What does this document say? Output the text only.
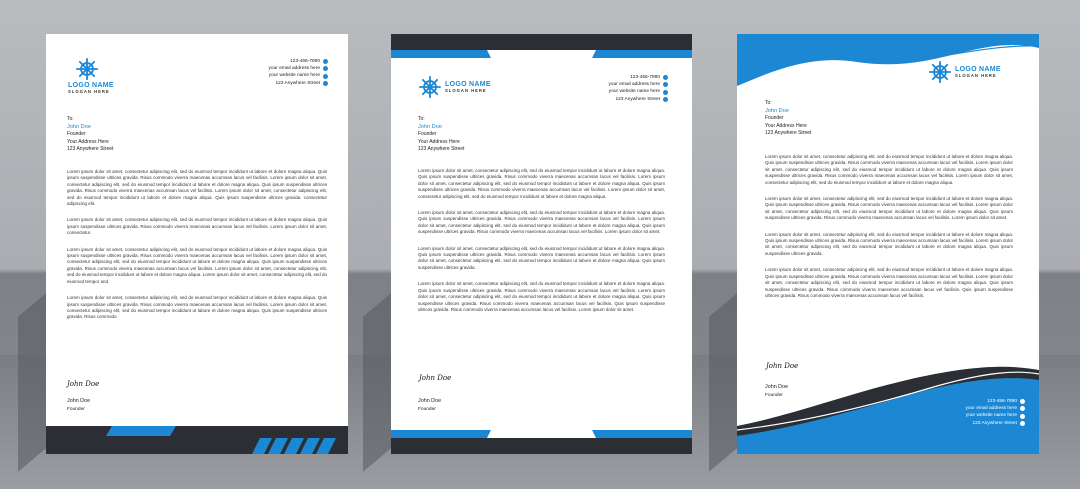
LOGO NAME
SLOGAN HERE
123-456-7890
your email address here
your website name here
123 Anywhere Street
To:
John Doe
Founder
Your Address Here
123 Anywhere Street

Lorem ipsum dolor sit amet, consectetur adipiscing elit, sed do eiusmod tempor incididunt ut labore et dolore magna aliqua. Quis ipsum suspendisse ultrices gravida. Risus commodo viverra maecenas accumsan lacus vel facilisis. Lorem ipsum dolor sit amet, consectetur adipiscing elit, sed do eiusmod tempor incididunt ut labore et dolore magna aliqua. Quis ipsum suspendisse ultrices gravida. Risus commodo viverra maecenas accumsan lacus vel facilisis. Lorem ipsum dolor sit amet, consectetur adipiscing elit, sed do eiusmod tempor incididunt ut labore et dolore magna aliqua. Quis ipsum suspendisse ultrices gravida. consectetur adipiscing elit.

Lorem ipsum dolor sit amet, consectetur adipiscing elit, sed do eiusmod tempor incididunt ut labore et dolore magna aliqua. Quis ipsum suspendisse ultrices gravida. Risus commodo viverra maecenas accumsan lacus vel facilisis. Lorem ipsum dolor sit amet, consectetur.

Lorem ipsum dolor sit amet, consectetur adipiscing elit, sed do eiusmod tempor incididunt ut labore et dolore magna aliqua. Quis ipsum suspendisse ultrices gravida. Risus commodo viverra maecenas accumsan lacus vel facilisis. Lorem ipsum dolor sit amet, consectetur adipiscing elit, sed do eiusmod tempor incididunt ut labore et dolore magna aliqua. Quis ipsum suspendisse ultrices gravida. Risus commodo viverra maecenas accumsan lacus vel facilisis. Lorem ipsum dolor sit amet, consectetur adipiscing elit, sed do eiusmod tempor incididunt ut labore et dolore magna aliqua. Lorem ipsum dolor sit amet, consectetur adipiscing elit, sed do eiusmod tempor and.

Lorem ipsum dolor sit amet, consectetur adipiscing elit, sed do eiusmod tempor incididunt ut labore et dolore magna aliqua. Quis ipsum suspendisse ultrices gravida. Risus commodo viverra maecenas accumsan lacus vel facilisis. Lorem ipsum dolor sit amet, consectetur adipiscing elit, sed do eiusmod tempor incididunt ut labore et dolore magna aliqua. Quis ipsum suspendisse ultrices gravida. Risus commodo.

John Doe
John Doe
Founder
LOGO NAME
SLOGAN HERE
123-456-7890
your email address here
your website name here
123 Anywhere Street
To:
John Doe
Founder
Your Address Here
123 Anywhere Street

Lorem ipsum dolor sit amet, consectetur adipiscing elit, sed do eiusmod tempor incididunt ut labore et dolore magna aliqua. Quis ipsum suspendisse ultrices gravida. Risus commodo viverra maecenas accumsan lacus vel facilisis. Lorem ipsum dolor sit amet, consectetur adipiscing elit, sed do eiusmod tempor incididunt ut labore et dolore magna aliqua. Quis ipsum suspendisse ultrices gravida. Risus commodo viverra maecenas accumsan lacus vel facilisis. Lorem ipsum dolor sit amet, consectetur adipiscing elit, sed do eiusmod tempor incididunt ut labore et dolore magna aliqua.

Lorem ipsum dolor sit amet, consectetur adipiscing elit, sed do eiusmod tempor incididunt ut labore et dolore magna aliqua. Quis ipsum suspendisse ultrices gravida. Risus commodo viverra maecenas accumsan lacus vel facilisis. Lorem ipsum dolor sit amet, consectetur adipiscing elit, sed do eiusmod tempor incididunt ut labore et dolore magna aliqua. Quis ipsum suspendisse ultrices gravida. Risus commodo viverra maecenas accumsan lacus vel facilisis. Lorem ipsum dolor sit amet.

Lorem ipsum dolor sit amet, consectetur adipiscing elit, sed do eiusmod tempor incididunt ut labore et dolore magna aliqua. Quis ipsum suspendisse ultrices gravida. Risus commodo viverra maecenas accumsan lacus vel facilisis. Lorem ipsum dolor sit amet, consectetur adipiscing elit, sed do eiusmod tempor incididunt ut labore et dolore magna aliqua. Quis ipsum suspendisse ultrices gravida.

Lorem ipsum dolor sit amet, consectetur adipiscing elit, sed do eiusmod tempor incididunt ut labore et dolore magna aliqua. Quis ipsum suspendisse ultrices gravida. Risus commodo viverra maecenas accumsan lacus vel facilisis. Lorem ipsum dolor sit amet, consectetur adipiscing elit, sed do eiusmod tempor incididunt ut labore et dolore magna aliqua. Quis ipsum suspendisse ultrices gravida. Risus commodo viverra maecenas accumsan lacus vel facilisis. Quis ipsum suspendisse ultrices gravida. Risus commodo viverra maecenas accumsan lacus vel facilisis. Lorem ipsum dolor sit amet.

John Doe
John Doe
Founder
LOGO NAME
SLOGAN HERE
To:
John Doe
Founder
Your Address Here
123 Anywhere Street

Lorem ipsum dolor sit amet, consectetur adipiscing elit, sed do eiusmod tempor incididunt ut labore et dolore magna aliqua. Quis ipsum suspendisse ultrices gravida. Risus commodo viverra maecenas accumsan lacus vel facilisis. Lorem ipsum dolor sit amet, consectetur adipiscing elit, sed do eiusmod tempor incididunt ut labore et dolore magna aliqua. Quis ipsum suspendisse ultrices gravida. Risus commodo viverra maecenas accumsan lacus vel facilisis. Lorem ipsum dolor sit amet, consectetur adipiscing elit, sed do eiusmod tempor incididunt ut labore et dolore magna aliqua.

Lorem ipsum dolor sit amet, consectetur adipiscing elit, sed do eiusmod tempor incididunt ut labore et dolore magna aliqua. Quis ipsum suspendisse ultrices gravida. Risus commodo viverra maecenas accumsan lacus vel facilisis. Lorem ipsum dolor sit amet, consectetur adipiscing elit, sed do eiusmod tempor incididunt ut labore et dolore magna aliqua. Quis ipsum suspendisse ultrices gravida. Risus commodo viverra maecenas accumsan lacus vel facilisis. Lorem ipsum dolor sit amet.

Lorem ipsum dolor sit amet, consectetur adipiscing elit, sed do eiusmod tempor incididunt ut labore et dolore magna aliqua. Quis ipsum suspendisse ultrices gravida. Risus commodo viverra maecenas accumsan lacus vel facilisis. Lorem ipsum dolor sit amet, consectetur adipiscing elit, sed do eiusmod tempor incididunt ut labore et dolore magna aliqua. Quis ipsum suspendisse ultrices gravida.

Lorem ipsum dolor sit amet, consectetur adipiscing elit, sed do eiusmod tempor incididunt ut labore et dolore magna aliqua. Quis ipsum suspendisse ultrices gravida. Risus commodo viverra maecenas accumsan lacus vel facilisis. Lorem ipsum dolor sit amet, consectetur adipiscing elit, sed do eiusmod tempor incididunt ut labore et dolore magna aliqua. Quis ipsum suspendisse ultrices gravida. Risus commodo viverra maecenas accumsan lacus vel facilisis. Quis ipsum suspendisse ultrices gravida. Risus commodo viverra maecenas accumsan lacus vel facilisis.

John Doe
John Doe
Founder
123-456-7890
your email address here
your website name here
123 Anywhere Street
